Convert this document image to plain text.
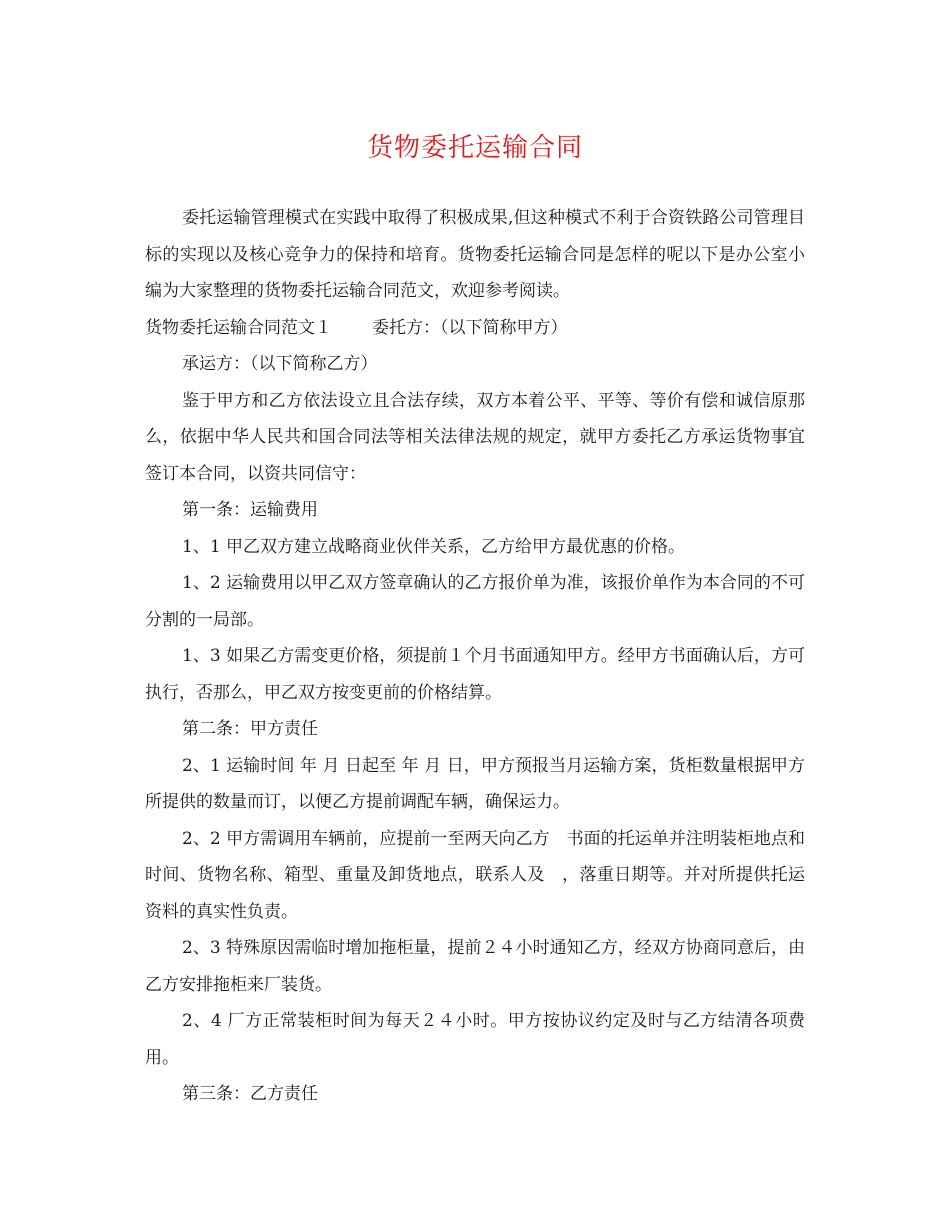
货物委托运输合同

委托运输管理模式在实践中取得了积极成果,但这种模式不利于合资铁路公司管理目标的实现以及核心竞争力的保持和培育。货物委托运输合同是怎样的呢以下是办公室小编为大家整理的货物委托运输合同范文，欢迎参考阅读。

货物委托运输合同范文１ 委托方：（以下简称甲方）

承运方：（以下简称乙方）

鉴于甲方和乙方依法设立且合法存续，双方本着公平、平等、等价有偿和诚信原那么，依据中华人民共和国合同法等相关法律法规的规定，就甲方委托乙方承运货物事宜签订本合同，以资共同信守：

第一条：运输费用

1、1 甲乙双方建立战略商业伙伴关系，乙方给甲方最优惠的价格。

1、2 运输费用以甲乙双方签章确认的乙方报价单为准，该报价单作为本合同的不可分割的一局部。

1、3 如果乙方需变更价格，须提前１个月书面通知甲方。经甲方书面确认后，方可执行，否那么，甲乙双方按变更前的价格结算。

第二条：甲方责任

2、1 运输时间 年 月 日起至 年 月 日，甲方预报当月运输方案，货柜数量根据甲方所提供的数量而订，以便乙方提前调配车辆，确保运力。

2、2 甲方需调用车辆前，应提前一至两天向乙方　书面的托运单并注明装柜地点和时间、货物名称、箱型、重量及卸货地点，联系人及　，落重日期等。并对所提供托运资料的真实性负责。

2、3 特殊原因需临时增加拖柜量，提前２４小时通知乙方，经双方协商同意后，由乙方安排拖柜来厂装货。

2、4 厂方正常装柜时间为每天２４小时。甲方按协议约定及时与乙方结清各项费用。

第三条：乙方责任
